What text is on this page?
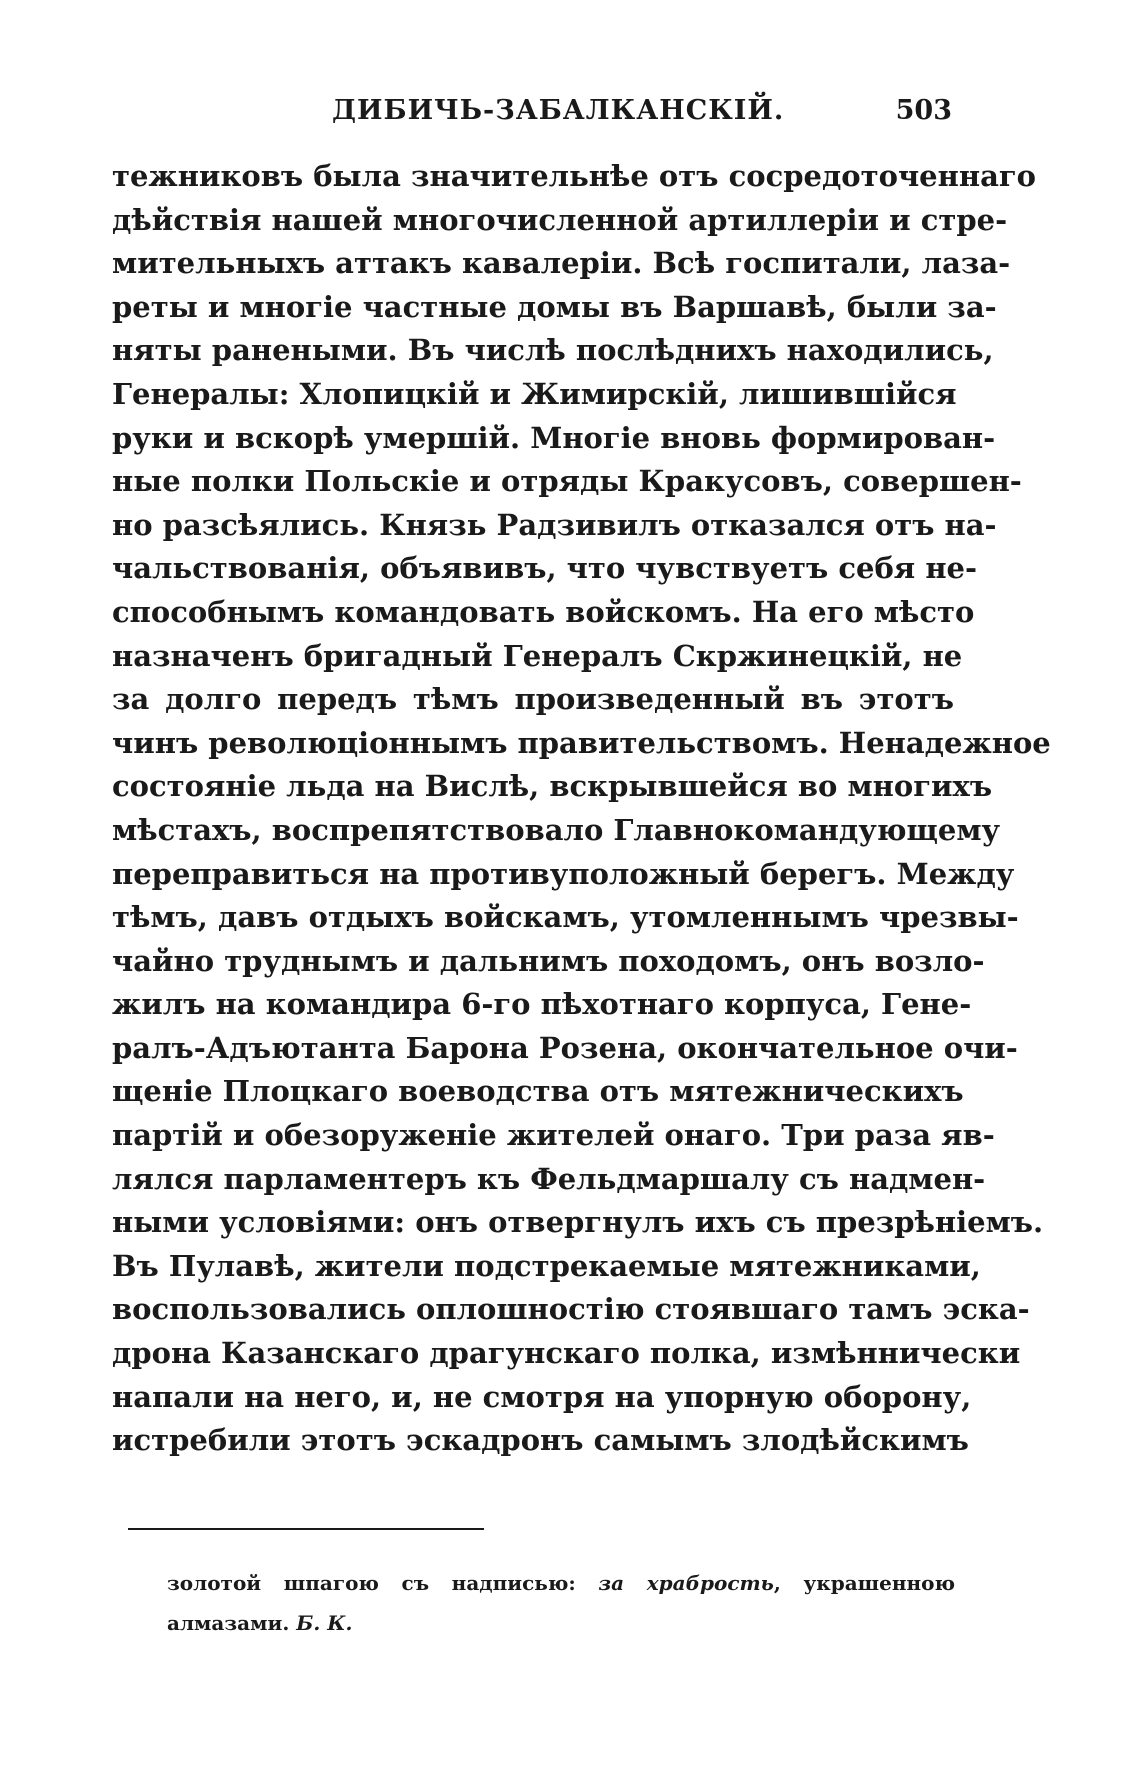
ДИБИЧЬ-ЗАБАЛКАНСКІЙ.	503
тежниковъ была значительнѣе отъ сосредоточеннаго
дѣйствія нашей многочисленной артиллеріи и стре-
мительныхъ аттакъ кавалеріи. Всѣ госпитали, лаза-
реты и многіе частные домы въ Варшавѣ, были за-
няты ранеными. Въ числѣ послѣднихъ находились,
Генералы: Хлопицкій и Жимирскій, лишившійся
руки и вскорѣ умершій. Многіе вновь формирован-
ные полки Польскіе и отряды Кракусовъ, совершен-
но разсѣялись. Князь Радзивилъ отказался отъ на-
чальствованія, объявивъ, что чувствуетъ себя не-
способнымъ командовать войскомъ. На его мѣсто
назначенъ бригадный Генералъ Скржинецкій, не
за долго передъ тѣмъ произведенный въ этотъ
чинъ революціоннымъ правительствомъ. Ненадежное
состояніе льда на Вислѣ, вскрывшейся во многихъ
мѣстахъ, воспрепятствовало Главнокомандующему
переправиться на противуположный берегъ. Между
тѣмъ, давъ отдыхъ войскамъ, утомленнымъ чрезвы-
чайно труднымъ и дальнимъ походомъ, онъ возло-
жилъ на командира 6-го пѣхотнаго корпуса, Гене-
ралъ-Адъютанта Барона Розена, окончательное очи-
щеніе Плоцкаго воеводства отъ мятежническихъ
партій и обезоруженіе жителей онаго. Три раза яв-
лялся парламентеръ къ Фельдмаршалу съ надмен-
ными условіями: онъ отвергнулъ ихъ съ презрѣніемъ.
Въ Пулавѣ, жители подстрекаемые мятежниками,
воспользовались оплошностію стоявшаго тамъ эска-
дрона Казанскаго драгунскаго полка, измѣннически
напали на него, и, не смотря на упорную оборону,
истребили этотъ эскадронъ самымъ злодѣйскимъ
золотой шпагою съ надписью: за храбрость, украшенною
алмазами. Б. К.
